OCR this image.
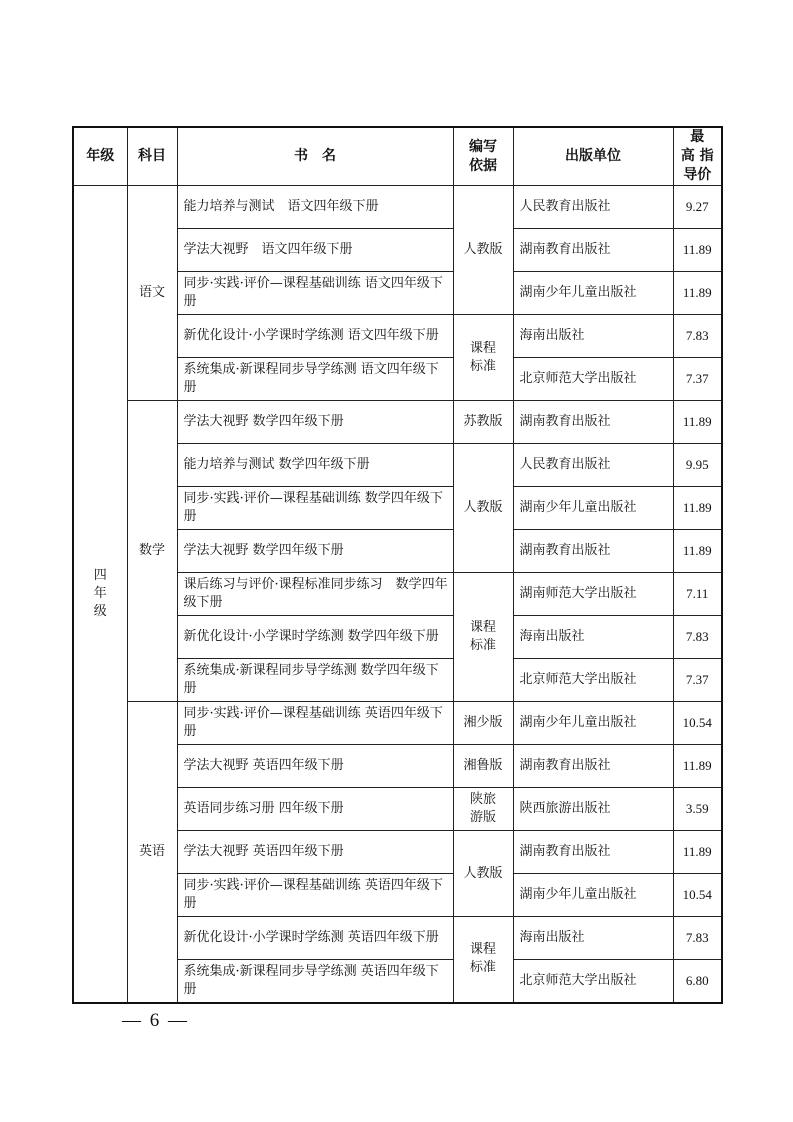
年级	科目	书　名	编写依据	出版单位	最　高 指导价
四年级	语文	能力培养与测试　语文四年级下册	人教版	人民教育出版社	9.27
		学法大视野　语文四年级下册		湖南教育出版社	11.89
		同步·实践·评价—课程基础训练 语文四年级下册		湖南少年儿童出版社	11.89
		新优化设计·小学课时学练测 语文四年级下册	课程标准	海南出版社	7.83
		系统集成·新课程同步导学练测 语文四年级下册		北京师范大学出版社	7.37
	数学	学法大视野 数学四年级下册	苏教版	湖南教育出版社	11.89
		能力培养与测试 数学四年级下册	人教版	人民教育出版社	9.95
		同步·实践·评价—课程基础训练 数学四年级下册		湖南少年儿童出版社	11.89
		学法大视野 数学四年级下册		湖南教育出版社	11.89
		课后练习与评价·课程标准同步练习　数学四年级下册	课程标准	湖南师范大学出版社	7.11
		新优化设计·小学课时学练测 数学四年级下册		海南出版社	7.83
		系统集成·新课程同步导学练测 数学四年级下册		北京师范大学出版社	7.37
	英语	同步·实践·评价—课程基础训练 英语四年级下册	湘少版	湖南少年儿童出版社	10.54
		学法大视野 英语四年级下册	湘鲁版	湖南教育出版社	11.89
		英语同步练习册 四年级下册	陕旅游版	陕西旅游出版社	3.59
		学法大视野 英语四年级下册	人教版	湖南教育出版社	11.89
		同步·实践·评价—课程基础训练 英语四年级下册		湖南少年儿童出版社	10.54
		新优化设计·小学课时学练测 英语四年级下册	课程标准	海南出版社	7.83
		系统集成·新课程同步导学练测 英语四年级下册		北京师范大学出版社	6.80
— 6 —
